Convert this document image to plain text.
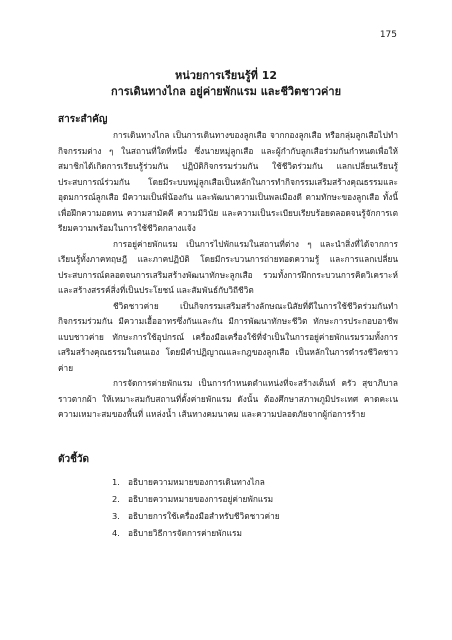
175
หน่วยการเรียนรู้ที่ 12
การเดินทางไกล อยู่ค่ายพักแรม และชีวิตชาวค่าย
สาระสำคัญ

การเดินทางไกล เป็นการเดินทางของลูกเสือ จากกองลูกเสือ หรือกลุ่มลูกเสือไปทำกิจกรรมต่าง ๆ ในสถานที่ใดที่หนึ่ง ซึ่งนายหมู่ลูกเสือ และผู้กำกับลูกเสือร่วมกันกำหนดเพื่อให้สมาชิกได้เกิดการเรียนรู้ร่วมกัน ปฏิบัติกิจกรรมร่วมกัน ใช้ชีวิตร่วมกัน แลกเปลี่ยนเรียนรู้ประสบการณ์ร่วมกัน โดยมีระบบหมู่ลูกเสือเป็นหลักในการทำกิจกรรมเสริมสร้างคุณธรรมและอุดมการณ์ลูกเสือ มีความเป็นพี่น้องกัน และพัฒนาความเป็นพลเมืองดี ตามทักษะของลูกเสือ ทั้งนี้ เพื่อฝึกความอดทน ความสามัคคี ความมีวินัย และความเป็นระเบียบเรียบร้อยตลอดจนรู้จักการเตรียมความพร้อมในการใช้ชีวิตกลางแจ้ง

การอยู่ค่ายพักแรม เป็นการไปพักแรมในสถานที่ต่าง ๆ และนำสิ่งที่ได้จากการเรียนรู้ทั้งภาคทฤษฎี และภาคปฏิบัติ โดยมีกระบวนการถ่ายทอดความรู้ และการแลกเปลี่ยนประสบการณ์ตลอดจนการเสริมสร้างพัฒนาทักษะลูกเสือ รวมทั้งการฝึกกระบวนการคิดวิเคราะห์ และสร้างสรรค์สิ่งที่เป็นประโยชน์ และสัมพันธ์กับวิถีชีวิต

ชีวิตชาวค่าย เป็นกิจกรรมเสริมสร้างลักษณะนิสัยที่ดีในการใช้ชีวิตร่วมกันทำกิจกรรมร่วมกัน มีความเอื้ออาทรซึ่งกันและกัน มีการพัฒนาทักษะชีวิต ทักษะการประกอบอาชีพแบบชาวค่าย ทักษะการใช้อุปกรณ์ เครื่องมือเครื่องใช้ที่จำเป็นในการอยู่ค่ายพักแรมรวมทั้งการเสริมสร้างคุณธรรมในตนเอง โดยมีคำปฏิญาณและกฎของลูกเสือ เป็นหลักในการดำรงชีวิตชาวค่าย

การจัดการค่ายพักแรม เป็นการกำหนดตำแหน่งที่จะสร้างเต็นท์ ครัว สุขาภิบาลราวตากผ้า ให้เหมาะสมกับสถานที่ตั้งค่ายพักแรม ดังนั้น ต้องศึกษาสภาพภูมิประเทศ คาดคะเนความเหมาะสมของพื้นที่ แหล่งน้ำ เส้นทางคมนาคม และความปลอดภัยจากผู้ก่อการร้าย

ตัวชี้วัด
1. อธิบายความหมายของการเดินทางไกล
2. อธิบายความหมายของการอยู่ค่ายพักแรม
3. อธิบายการใช้เครื่องมือสำหรับชีวิตชาวค่าย
4. อธิบายวิธีการจัดการค่ายพักแรม
